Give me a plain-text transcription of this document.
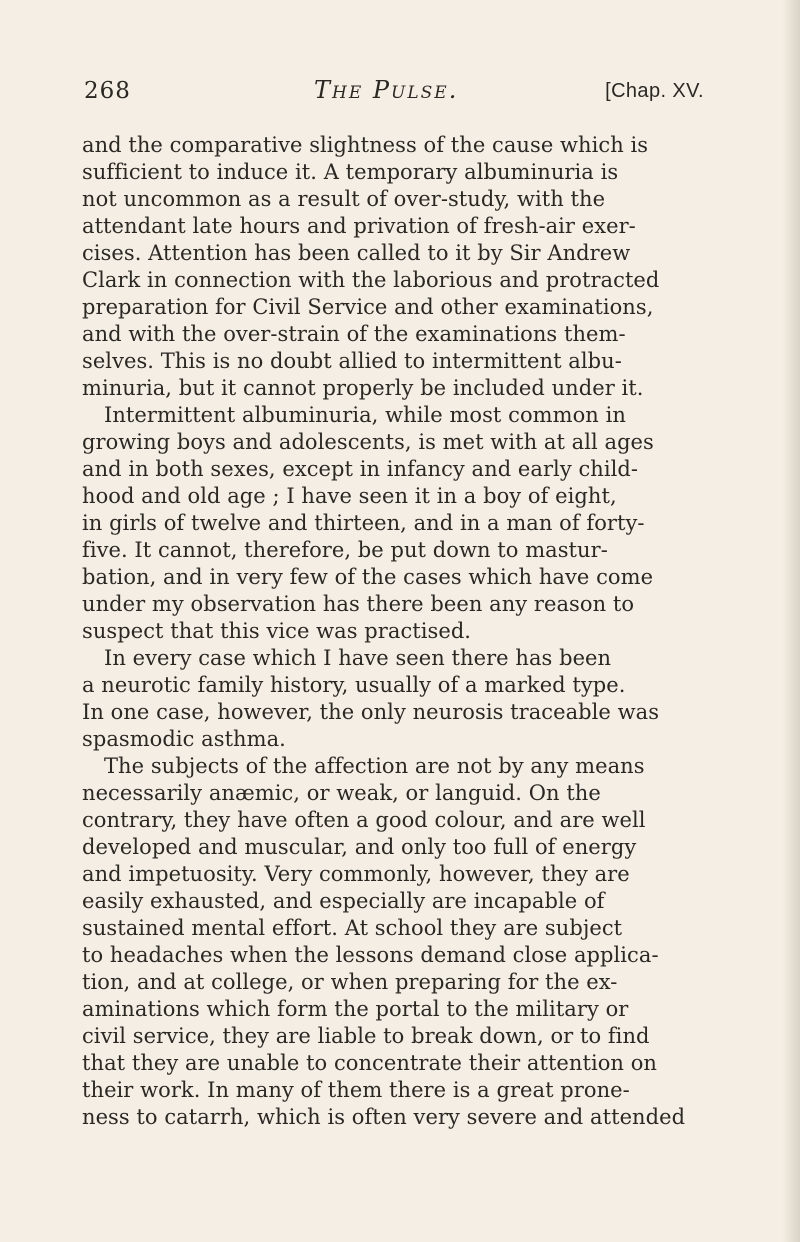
268	The Pulse.	[Chap. XV.
and the comparative slightness of the cause which is
sufficient to induce it. A temporary albuminuria is
not uncommon as a result of over-study, with the
attendant late hours and privation of fresh-air exer-
cises. Attention has been called to it by Sir Andrew
Clark in connection with the laborious and protracted
preparation for Civil Service and other examinations,
and with the over-strain of the examinations them-
selves. This is no doubt allied to intermittent albu-
minuria, but it cannot properly be included under it.
Intermittent albuminuria, while most common in
growing boys and adolescents, is met with at all ages
and in both sexes, except in infancy and early child-
hood and old age ; I have seen it in a boy of eight,
in girls of twelve and thirteen, and in a man of forty-
five. It cannot, therefore, be put down to mastur-
bation, and in very few of the cases which have come
under my observation has there been any reason to
suspect that this vice was practised.
In every case which I have seen there has been
a neurotic family history, usually of a marked type.
In one case, however, the only neurosis traceable was
spasmodic asthma.
The subjects of the affection are not by any means
necessarily anæmic, or weak, or languid. On the
contrary, they have often a good colour, and are well
developed and muscular, and only too full of energy
and impetuosity. Very commonly, however, they are
easily exhausted, and especially are incapable of
sustained mental effort. At school they are subject
to headaches when the lessons demand close applica-
tion, and at college, or when preparing for the ex-
aminations which form the portal to the military or
civil service, they are liable to break down, or to find
that they are unable to concentrate their attention on
their work. In many of them there is a great prone-
ness to catarrh, which is often very severe and attended
